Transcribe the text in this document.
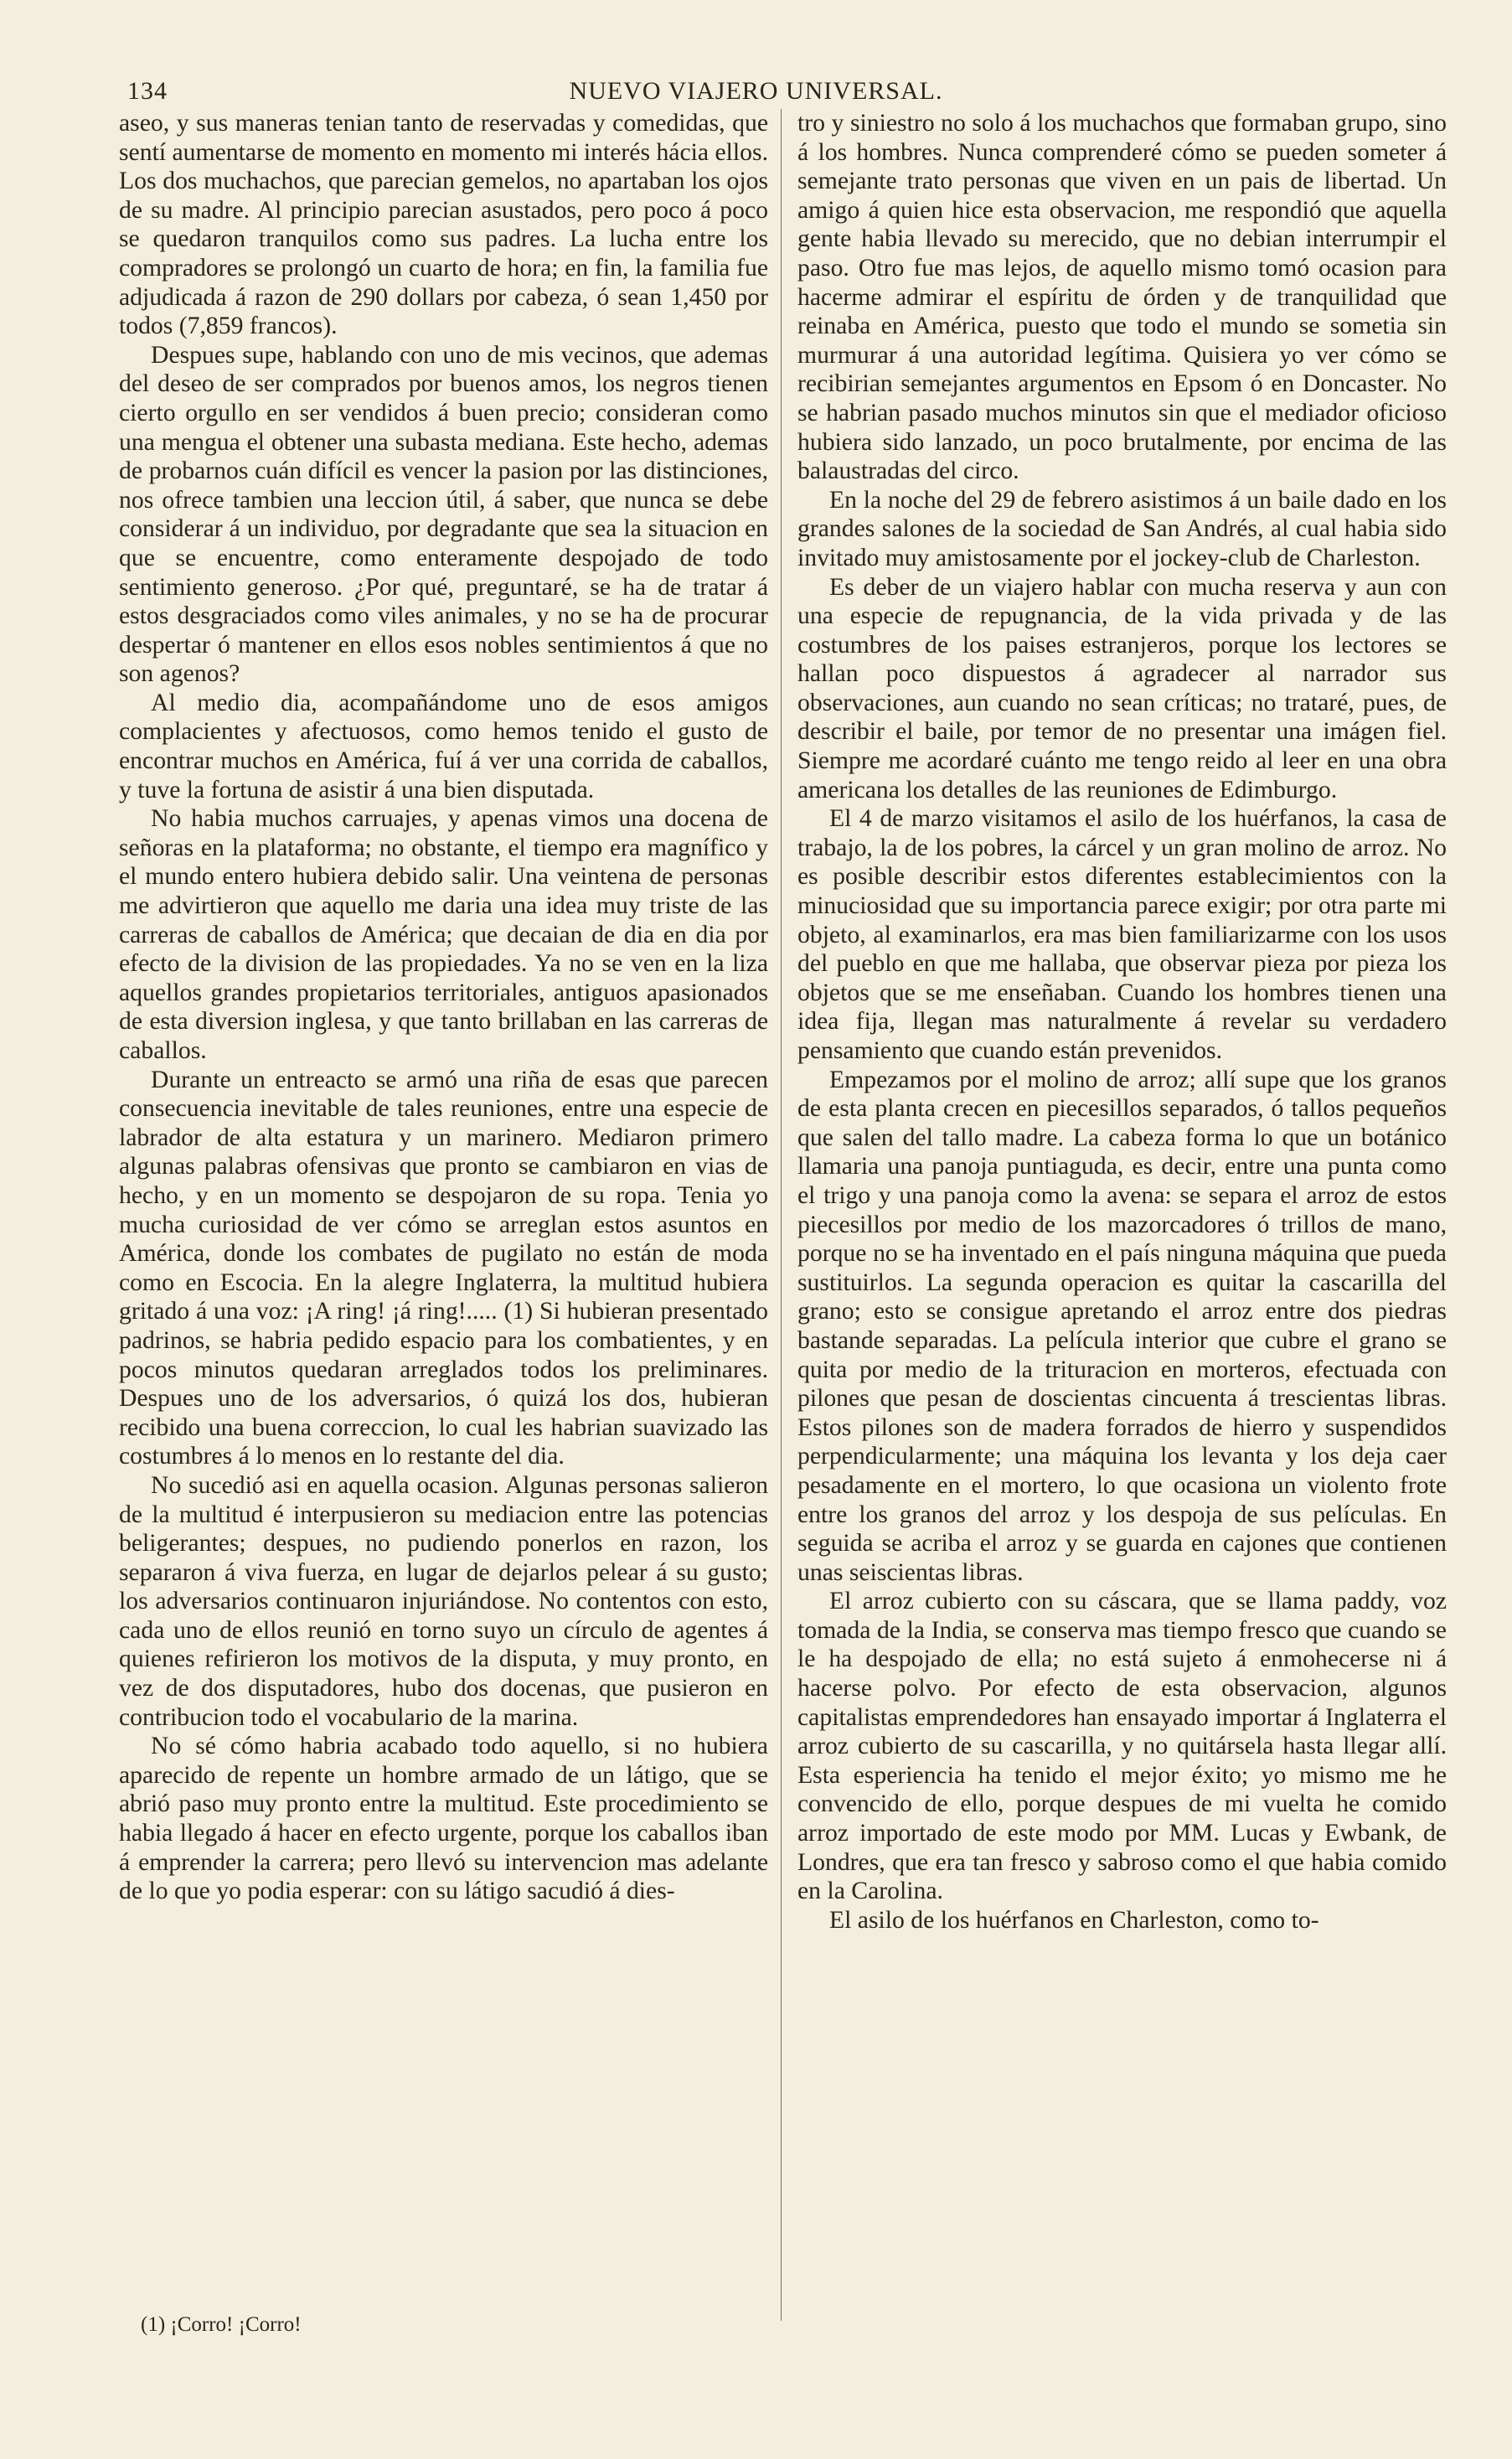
134	NUEVO VIAJERO UNIVERSAL.

aseo, y sus maneras tenian tanto de reservadas y comedidas, que sentí aumentarse de momento en momento mi interés hácia ellos. Los dos muchachos, que parecian gemelos, no apartaban los ojos de su madre. Al principio parecian asustados, pero poco á poco se quedaron tranquilos como sus padres. La lucha entre los compradores se prolongó un cuarto de hora; en fin, la familia fue adjudicada á razon de 290 dollars por cabeza, ó sean 1,450 por todos (7,859 francos).

Despues supe, hablando con uno de mis vecinos, que ademas del deseo de ser comprados por buenos amos, los negros tienen cierto orgullo en ser vendidos á buen precio; consideran como una mengua el obtener una subasta mediana. Este hecho, ademas de probarnos cuán difícil es vencer la pasion por las distinciones, nos ofrece tambien una leccion útil, á saber, que nunca se debe considerar á un individuo, por degradante que sea la situacion en que se encuentre, como enteramente despojado de todo sentimiento generoso. ¿Por qué, preguntaré, se ha de tratar á estos desgraciados como viles animales, y no se ha de procurar despertar ó mantener en ellos esos nobles sentimientos á que no son agenos?

Al medio dia, acompañándome uno de esos amigos complacientes y afectuosos, como hemos tenido el gusto de encontrar muchos en América, fuí á ver una corrida de caballos, y tuve la fortuna de asistir á una bien disputada.

No habia muchos carruajes, y apenas vimos una docena de señoras en la plataforma; no obstante, el tiempo era magnífico y el mundo entero hubiera debido salir. Una veintena de personas me advirtieron que aquello me daria una idea muy triste de las carreras de caballos de América; que decaian de dia en dia por efecto de la division de las propiedades. Ya no se ven en la liza aquellos grandes propietarios territoriales, antiguos apasionados de esta diversion inglesa, y que tanto brillaban en las carreras de caballos.

Durante un entreacto se armó una riña de esas que parecen consecuencia inevitable de tales reuniones, entre una especie de labrador de alta estatura y un marinero. Mediaron primero algunas palabras ofensivas que pronto se cambiaron en vias de hecho, y en un momento se despojaron de su ropa. Tenia yo mucha curiosidad de ver cómo se arreglan estos asuntos en América, donde los combates de pugilato no están de moda como en Escocia. En la alegre Inglaterra, la multitud hubiera gritado á una voz: ¡A ring! ¡á ring!..... (1) Si hubieran presentado padrinos, se habria pedido espacio para los combatientes, y en pocos minutos quedaran arreglados todos los preliminares. Despues uno de los adversarios, ó quizá los dos, hubieran recibido una buena correccion, lo cual les habrian suavizado las costumbres á lo menos en lo restante del dia.

No sucedió asi en aquella ocasion. Algunas personas salieron de la multitud é interpusieron su mediacion entre las potencias beligerantes; despues, no pudiendo ponerlos en razon, los separaron á viva fuerza, en lugar de dejarlos pelear á su gusto; los adversarios continuaron injuriándose. No contentos con esto, cada uno de ellos reunió en torno suyo un círculo de agentes á quienes refirieron los motivos de la disputa, y muy pronto, en vez de dos disputadores, hubo dos docenas, que pusieron en contribucion todo el vocabulario de la marina.

No sé cómo habria acabado todo aquello, si no hubiera aparecido de repente un hombre armado de un látigo, que se abrió paso muy pronto entre la multitud. Este procedimiento se habia llegado á hacer en efecto urgente, porque los caballos iban á emprender la carrera; pero llevó su intervencion mas adelante de lo que yo podia esperar: con su látigo sacudió á dies-

tro y siniestro no solo á los muchachos que formaban grupo, sino á los hombres. Nunca comprenderé cómo se pueden someter á semejante trato personas que viven en un pais de libertad. Un amigo á quien hice esta observacion, me respondió que aquella gente habia llevado su merecido, que no debian interrumpir el paso. Otro fue mas lejos, de aquello mismo tomó ocasion para hacerme admirar el espíritu de órden y de tranquilidad que reinaba en América, puesto que todo el mundo se sometia sin murmurar á una autoridad legítima. Quisiera yo ver cómo se recibirian semejantes argumentos en Epsom ó en Doncaster. No se habrian pasado muchos minutos sin que el mediador oficioso hubiera sido lanzado, un poco brutalmente, por encima de las balaustradas del circo.

En la noche del 29 de febrero asistimos á un baile dado en los grandes salones de la sociedad de San Andrés, al cual habia sido invitado muy amistosamente por el jockey-club de Charleston.

Es deber de un viajero hablar con mucha reserva y aun con una especie de repugnancia, de la vida privada y de las costumbres de los paises estranjeros, porque los lectores se hallan poco dispuestos á agradecer al narrador sus observaciones, aun cuando no sean críticas; no trataré, pues, de describir el baile, por temor de no presentar una imágen fiel. Siempre me acordaré cuánto me tengo reido al leer en una obra americana los detalles de las reuniones de Edimburgo.

El 4 de marzo visitamos el asilo de los huérfanos, la casa de trabajo, la de los pobres, la cárcel y un gran molino de arroz. No es posible describir estos diferentes establecimientos con la minuciosidad que su importancia parece exigir; por otra parte mi objeto, al examinarlos, era mas bien familiarizarme con los usos del pueblo en que me hallaba, que observar pieza por pieza los objetos que se me enseñaban. Cuando los hombres tienen una idea fija, llegan mas naturalmente á revelar su verdadero pensamiento que cuando están prevenidos.

Empezamos por el molino de arroz; allí supe que los granos de esta planta crecen en piecesillos separados, ó tallos pequeños que salen del tallo madre. La cabeza forma lo que un botánico llamaria una panoja puntiaguda, es decir, entre una punta como el trigo y una panoja como la avena: se separa el arroz de estos piecesillos por medio de los mazorcadores ó trillos de mano, porque no se ha inventado en el país ninguna máquina que pueda sustituirlos. La segunda operacion es quitar la cascarilla del grano; esto se consigue apretando el arroz entre dos piedras bastande separadas. La película interior que cubre el grano se quita por medio de la trituracion en morteros, efectuada con pilones que pesan de doscientas cincuenta á trescientas libras. Estos pilones son de madera forrados de hierro y suspendidos perpendicularmente; una máquina los levanta y los deja caer pesadamente en el mortero, lo que ocasiona un violento frote entre los granos del arroz y los despoja de sus películas. En seguida se acriba el arroz y se guarda en cajones que contienen unas seiscientas libras.

El arroz cubierto con su cáscara, que se llama paddy, voz tomada de la India, se conserva mas tiempo fresco que cuando se le ha despojado de ella; no está sujeto á enmohecerse ni á hacerse polvo. Por efecto de esta observacion, algunos capitalistas emprendedores han ensayado importar á Inglaterra el arroz cubierto de su cascarilla, y no quitársela hasta llegar allí. Esta esperiencia ha tenido el mejor éxito; yo mismo me he convencido de ello, porque despues de mi vuelta he comido arroz importado de este modo por MM. Lucas y Ewbank, de Londres, que era tan fresco y sabroso como el que habia comido en la Carolina.

El asilo de los huérfanos en Charleston, como to-

(1) ¡Corro! ¡Corro!
